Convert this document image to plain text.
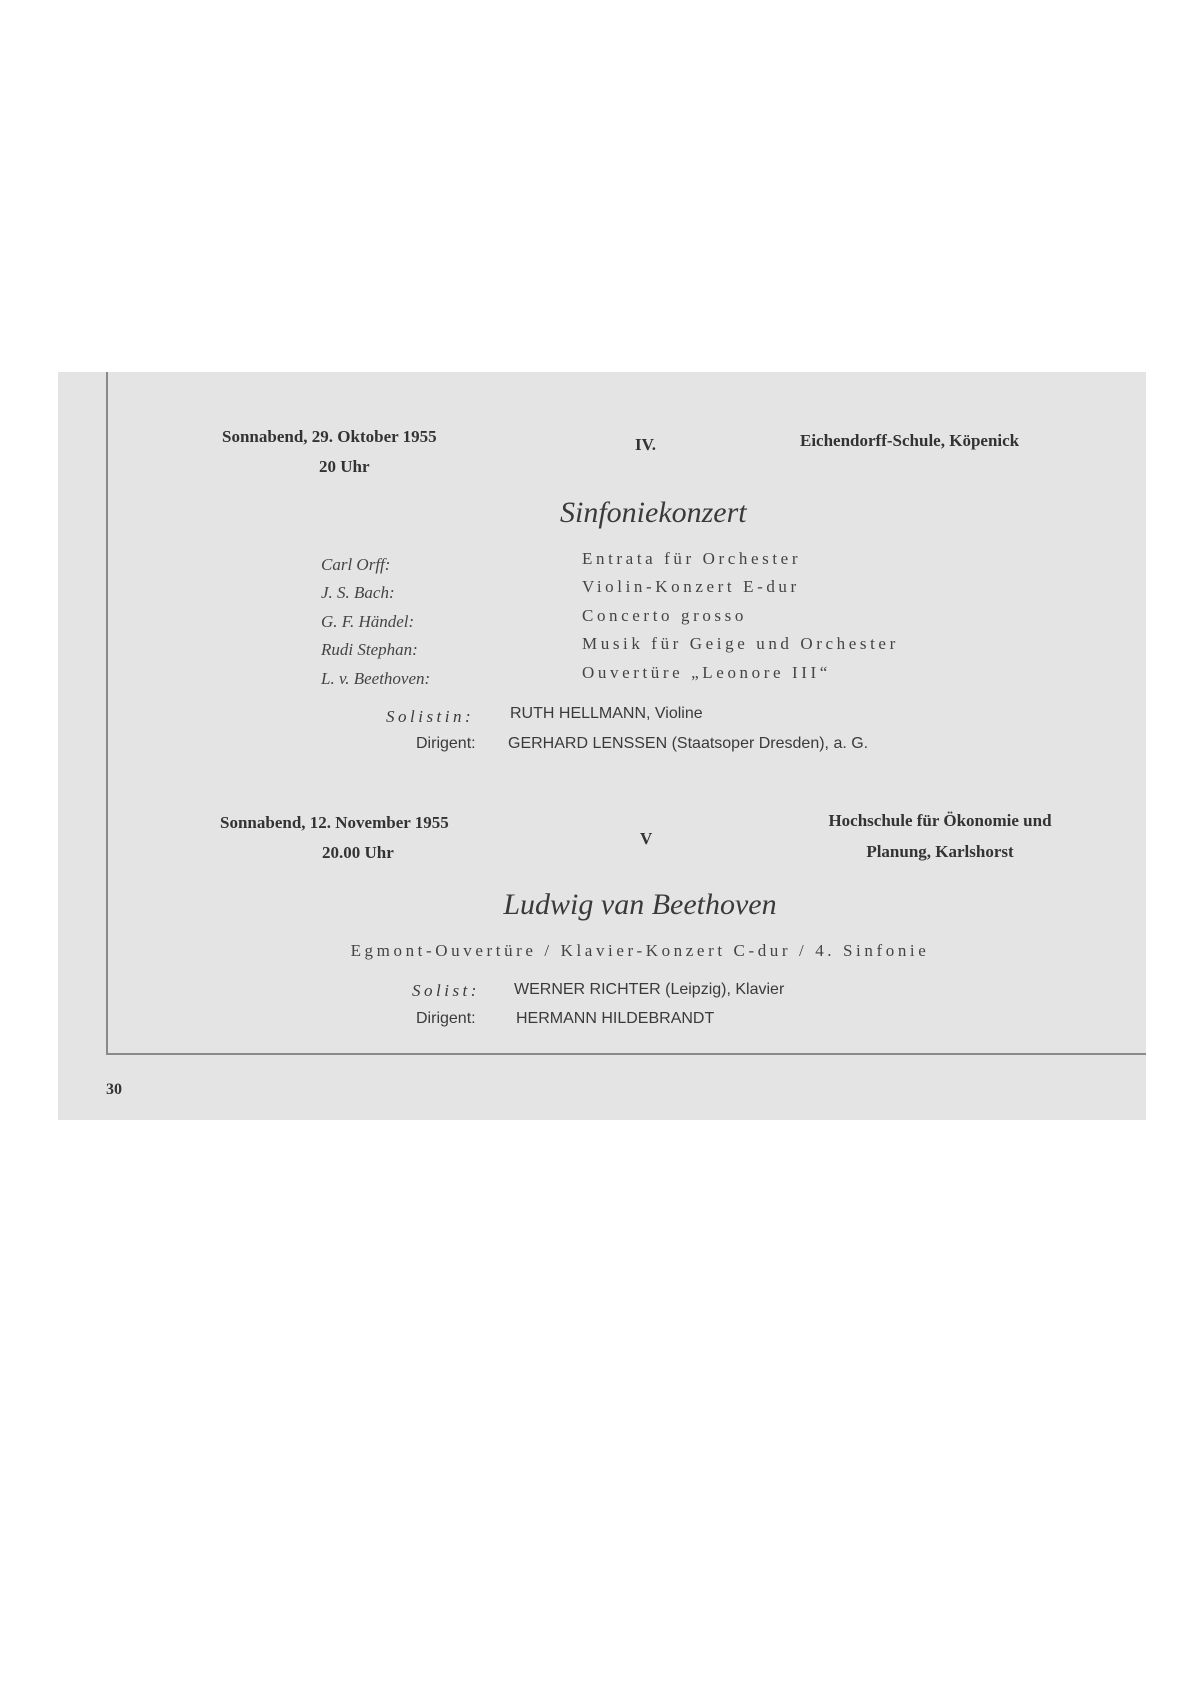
Sonnabend, 29. Oktober 1955
20 Uhr
IV.	Eichendorff-Schule, Köpenick
Sinfoniekonzert
Carl Orff:	Entrata für Orchester
J. S. Bach:	Violin-Konzert E-dur
G. F. Händel:	Concerto grosso
Rudi Stephan:	Musik für Geige und Orchester
L. v. Beethoven:	Ouvertüre „Leonore III“
Solistin: RUTH HELLMANN, Violine
Dirigent: GERHARD LENSSEN (Staatsoper Dresden), a. G.
Sonnabend, 12. November 1955
20.00 Uhr
V
Hochschule für Ökonomie und
Planung, Karlshorst
Ludwig van Beethoven
Egmont-Ouvertüre / Klavier-Konzert C-dur / 4. Sinfonie
Solist: WERNER RICHTER (Leipzig), Klavier
Dirigent:	HERMANN HILDEBRANDT
30
